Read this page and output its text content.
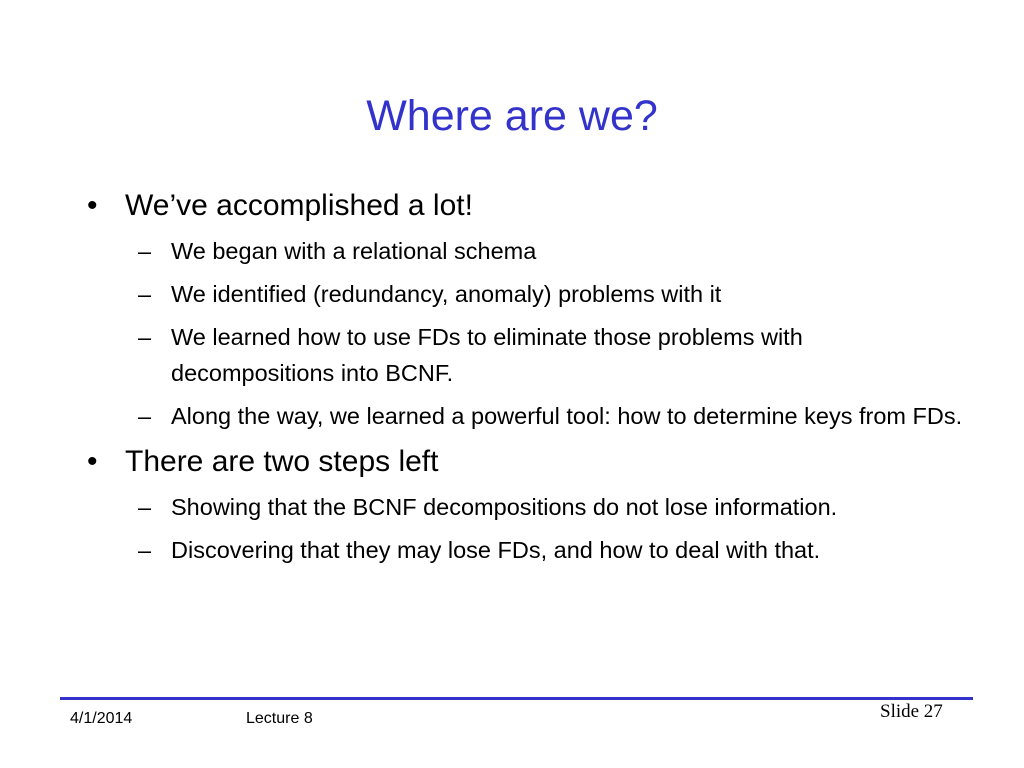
Where are we?
• We’ve accomplished a lot!
– We began with a relational schema
– We identified (redundancy, anomaly) problems with it
– We learned how to use FDs to eliminate those problems with decompositions into BCNF.
– Along the way, we learned a powerful tool: how to determine keys from FDs.
• There are two steps left
– Showing that the BCNF decompositions do not lose information.
– Discovering that they may lose FDs, and how to deal with that.
4/1/2014	Lecture 8	Slide 27
